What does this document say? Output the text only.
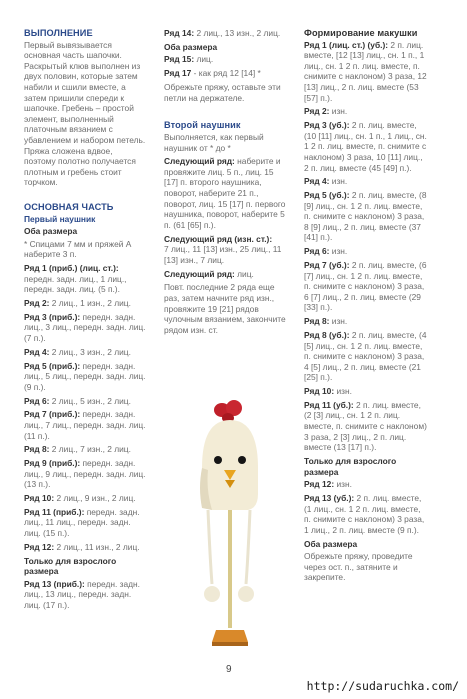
ВЫПОЛНЕНИЕ
Первый вывязывается основная часть шапочки. Раскрытый клюв выполнен из двух половин, которые затем набили и сшили вместе, а затем пришили спереди к шапочке. Гребень – простой элемент, выполненный платочным вязанием с убавлением и набором петель. Пряжа сложена вдвое, поэтому полотно получается плотным и гребень стоит торчком.
ОСНОВНАЯ ЧАСТЬ
Первый наушник
Оба размера
* Спицами 7 мм и пряжей А наберите 3 п.
Ряд 1 (приб.) (лиц. ст.): передн. задн. лиц., 1 лиц., передн. задн. лиц. (5 п.).
Ряд 2: 2 лиц., 1 изн., 2 лиц.
Ряд 3 (приб.): передн. задн. лиц., 3 лиц., передн. задн. лиц. (7 п.).
Ряд 4: 2 лиц., 3 изн., 2 лиц.
Ряд 5 (приб.): передн. задн. лиц., 5 лиц., передн. задн. лиц. (9 п.).
Ряд 6: 2 лиц., 5 изн., 2 лиц.
Ряд 7 (приб.): передн. задн. лиц., 7 лиц., передн. задн. лиц. (11 п.).
Ряд 8: 2 лиц., 7 изн., 2 лиц.
Ряд 9 (приб.): передн. задн. лиц., 9 лиц., передн. задн. лиц. (13 п.).
Ряд 10: 2 лиц., 9 изн., 2 лиц.
Ряд 11 (приб.): передн. задн. лиц., 11 лиц., передн. задн. лиц. (15 п.).
Ряд 12: 2 лиц., 11 изн., 2 лиц.
Только для взрослого размера
Ряд 13 (приб.): передн. задн. лиц., 13 лиц., передн. задн. лиц. (17 п.).
Ряд 14: 2 лиц., 13 изн., 2 лиц.
Оба размера
Ряд 15: лиц.
Ряд 17 - как ряд 12 [14] *
Обрежьте пряжу, оставьте эти петли на держателе.
Второй наушник
Выполняется, как первый наушник от * до *
Следующий ряд: наберите и провяжите лиц. 5 п., лиц. 15 [17] п. второго наушника, поворот, наберите 21 п., поворот, лиц. 15 [17] п. первого наушника, поворот, наберите 5 п. (61 [65] п.).
Следующий ряд (изн. ст.):
7 лиц., 11 [13] изн., 25 лиц., 11 [13] изн., 7 лиц.
Следующий ряд: лиц.
Повт. последние 2 ряда еще раз, затем начните ряд изн., провяжите 19 [21] рядов чулочным вязанием, закончите рядом изн. ст.
Формирование макушки
Ряд 1 (лиц. ст.) (уб.): 2 п. лиц. вместе, [12 [13] лиц., сн. 1 п., 1 лиц., сн. 1 2 п. лиц. вместе, п. снимите с наклоном) 3 раза, 12 [13] лиц., 2 п. лиц. вместе (53 [57] п.).
Ряд 2: изн.
Ряд 3 (уб.): 2 п. лиц. вместе, (10 [11] лиц., сн. 1 п., 1 лиц., сн. 1 2 п. лиц. вместе, п. снимите с наклоном) 3 раза, 10 [11] лиц., 2 п. лиц. вместе (45 [49] п.).
Ряд 4: изн.
Ряд 5 (уб.): 2 п. лиц. вместе, (8 [9] лиц., сн. 1 2 п. лиц. вместе, п. снимите с наклоном) 3 раза, 8 [9] лиц., 2 п. лиц. вместе (37 [41] п.).
Ряд 6: изн.
Ряд 7 (уб.): 2 п. лиц. вместе, (6 [7] лиц., сн. 1 2 п. лиц. вместе, п. снимите с наклоном) 3 раза, 6 [7] лиц., 2 п. лиц. вместе (29 [33] п.).
Ряд 8: изн.
Ряд 8 (уб.): 2 п. лиц. вместе, (4 [5] лиц., сн. 1 2 п. лиц. вместе, п. снимите с наклоном) 3 раза, 4 [5] лиц., 2 п. лиц. вместе (21 [25] п.).
Ряд 10: изн.
Ряд 11 (уб.): 2 п. лиц. вместе, (2 [3] лиц., сн. 1 2 п. лиц. вместе, п. снимите с наклоном) 3 раза, 2 [3] лиц., 2 п. лиц. вместе (13 [17] п.).
Только для взрослого размера
Ряд 12: изн.
Ряд 13 (уб.): 2 п. лиц. вместе, (1 лиц., сн. 1 2 п. лиц. вместе, п. снимите с наклоном) 3 раза, 1 лиц., 2 п. лиц. вместе (9 п.).
Оба размера
Обрежьте пряжу, проведите через ост. п., затяните и закрепите.
9
http://sudaruchka.com/
